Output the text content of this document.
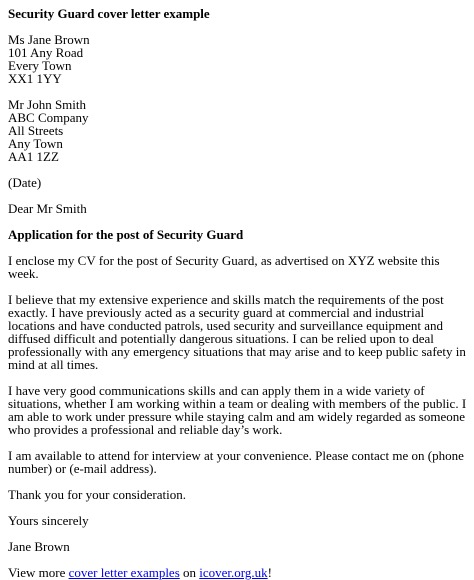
Security Guard cover letter example

Ms Jane Brown

101 Any Road

Every Town

XX1 1YY

Mr John Smith

ABC Company

All Streets

Any Town

AA1 1ZZ

(Date)

Dear Mr Smith

Application for the post of Security Guard

I enclose my CV for the post of Security Guard, as advertised on XYZ website this week.

I believe that my extensive experience and skills match the requirements of the post exactly. I have previously acted as a security guard at commercial and industrial locations and have conducted patrols, used security and surveillance equipment and diffused difficult and potentially dangerous situations. I can be relied upon to deal professionally with any emergency situations that may arise and to keep public safety in mind at all times.

I have very good communications skills and can apply them in a wide variety of situations, whether I am working within a team or dealing with members of the public. I am able to work under pressure while staying calm and am widely regarded as someone who provides a professional and reliable day’s work.

I am available to attend for interview at your convenience. Please contact me on (phone number) or (e-mail address).

Thank you for your consideration.

Yours sincerely

Jane Brown

View more cover letter examples on icover.org.uk!
